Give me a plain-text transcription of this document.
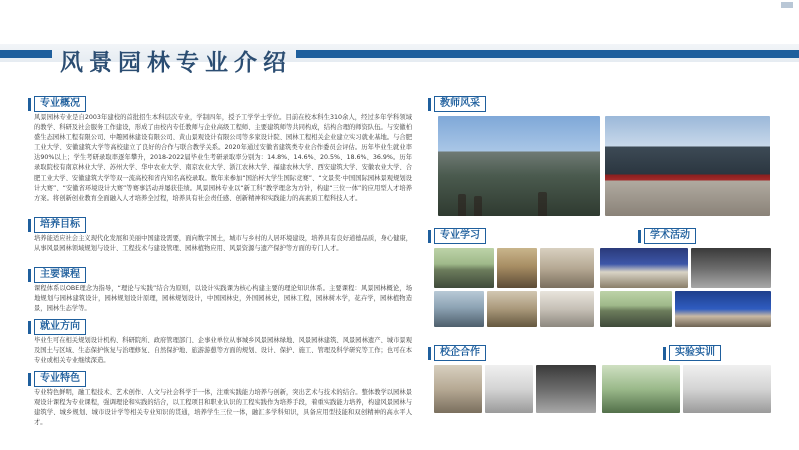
风景园林专业介绍
专业概况
风景园林专业是自2003年建校的首批招生本科层次专业，学制四年，授予工学学士学位。目前在校本科生310余人，经过多年学科领域的教学、科研及社会服务工作建设，形成了由校内专任教师与企业高级工程师、主要建筑师等共同构成，结构合理的师资队伍。与安徽柏盛生态园林工程有限公司、中趣园林建设有限公司、黄山景观设计有限公司等多家设计院、园林工程相关企业建立实习就业基地。与合肥工业大学、安徽建筑大学等高校建立了良好的合作与联合教学关系。2020年通过安徽省建筑类专业合作委员会评估。历年毕业生就业率达90%以上；学生考研录取率逐年攀升，2018-2022届毕业生考研录取率分别为：14.8%、14.6%、20.5%、18.6%、36.9%。历年录取院校有南京林业大学、苏州大学、华中农业大学、南京农业大学、浙江农林大学、福建农林大学、西安建筑大学、安徽农业大学、合肥工业大学、安徽建筑大学等双一流高校和省内知名高校录取。数年来参加“国治杯大学生国际竞赛”、“文景奖·中国国际园林景观规划设计大赛”、“安徽省环境设计大赛”等赛事活动并屡获佳绩。风景园林专业以“新工科”教学理念为方针，构建“三位一体”的应用型人才培养方案。将创新创业教育全面融入人才培养全过程，培养具有社会责任感、创新精神和实践能力的高素质工程科技人才。
培养目标
培养能适应社会主义现代化发展和美丽中国建设需要，面向数字国土，城市与乡村的人居环境建设，培养具有良好道德品质，身心健康，从事风景园林领域规划与设计、工程技术与建设管理、园林植物应用、风景资源与遗产保护等方面的专门人才。
主要课程
课程体系以OBE理念为指导，“理论与实践”结合为原则，以设计实践课为核心构建主要的理论知识体系。主要课程：风景园林概论，场地规划与园林建筑设计，园林规划设计原理，园林规划设计，中国园林史，外国园林史，园林工程，园林树木学，花卉学，园林植物造景，园林生态学等。
就业方向
毕业生可在相关规划设计机构、科研院所、政府管理部门、企事业单位从事城乡风景园林绿地、风景园林建筑、风景园林遗产、城市景观及国土与区域、生态保护恢复与治理修复、自然保护地、旅游游憩等方面的规划、设计、保护、施工、管理及科学研究等工作；也可在本专业或相关专业继续深造。
专业特色
专业特色鲜明，融工程技术、艺术创作、人文与社会科学于一体，注重实践能力培养与创新，突出艺术与技术的结合。整体教学以园林景观设计课程为专业课程，强调理论和实践的结合，以工程项目和职业认识的工程实践作为培养手段，着重实践能力培养，构建风景园林与建筑学、城乡规划、城市设计学等相关专业知识的贯通，培养学生三位一体，融汇多学科知识，具备应用型技能和双创精神的高水平人才。
教师风采
专业学习	学术活动
校企合作	实验实训
